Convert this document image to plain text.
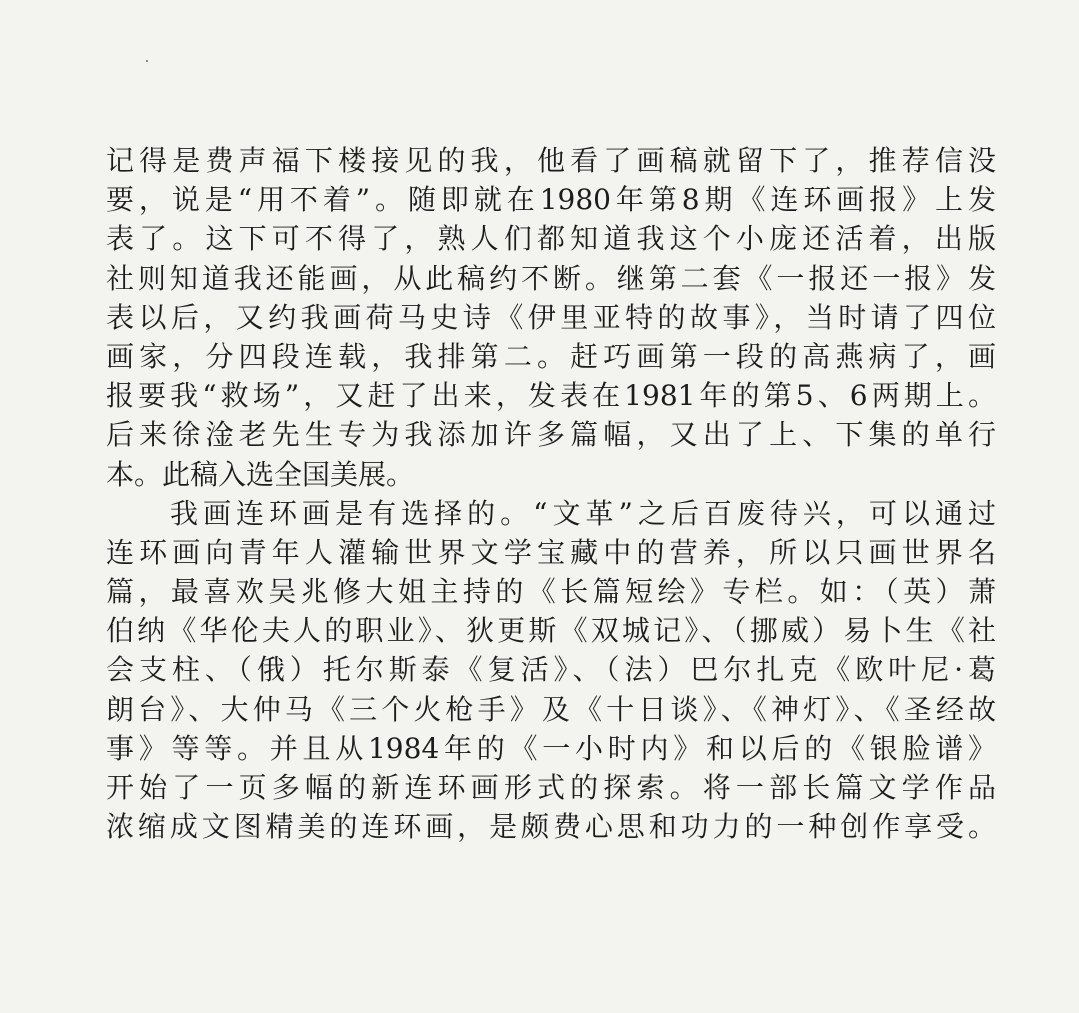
记得是费声福下楼接见的我，他看了画稿就留下了，推荐信没
要，说是“用不着”。随即就在1980年第8期《连环画报》上发
表了。这下可不得了，熟人们都知道我这个小庞还活着，出版
社则知道我还能画，从此稿约不断。继第二套《一报还一报》发
表以后，又约我画荷马史诗《伊里亚特的故事》，当时请了四位
画家，分四段连载，我排第二。赶巧画第一段的高燕病了，画
报要我“救场”，又赶了出来，发表在1981年的第5、6两期上。
后来徐淦老先生专为我添加许多篇幅，又出了上、下集的单行
本。此稿入选全国美展。
我画连环画是有选择的。“文革”之后百废待兴，可以通过
连环画向青年人灌输世界文学宝藏中的营养，所以只画世界名
篇，最喜欢吴兆修大姐主持的《长篇短绘》专栏。如：（英）萧
伯纳《华伦夫人的职业》、狄更斯《双城记》、（挪威）易卜生《社
会支柱、（俄）托尔斯泰《复活》、（法）巴尔扎克《欧叶尼·葛
朗台》、大仲马《三个火枪手》及《十日谈》、《神灯》、《圣经故
事》等等。并且从1984年的《一小时内》和以后的《银脸谱》
开始了一页多幅的新连环画形式的探索。将一部长篇文学作品
浓缩成文图精美的连环画，是颇费心思和功力的一种创作享受。
